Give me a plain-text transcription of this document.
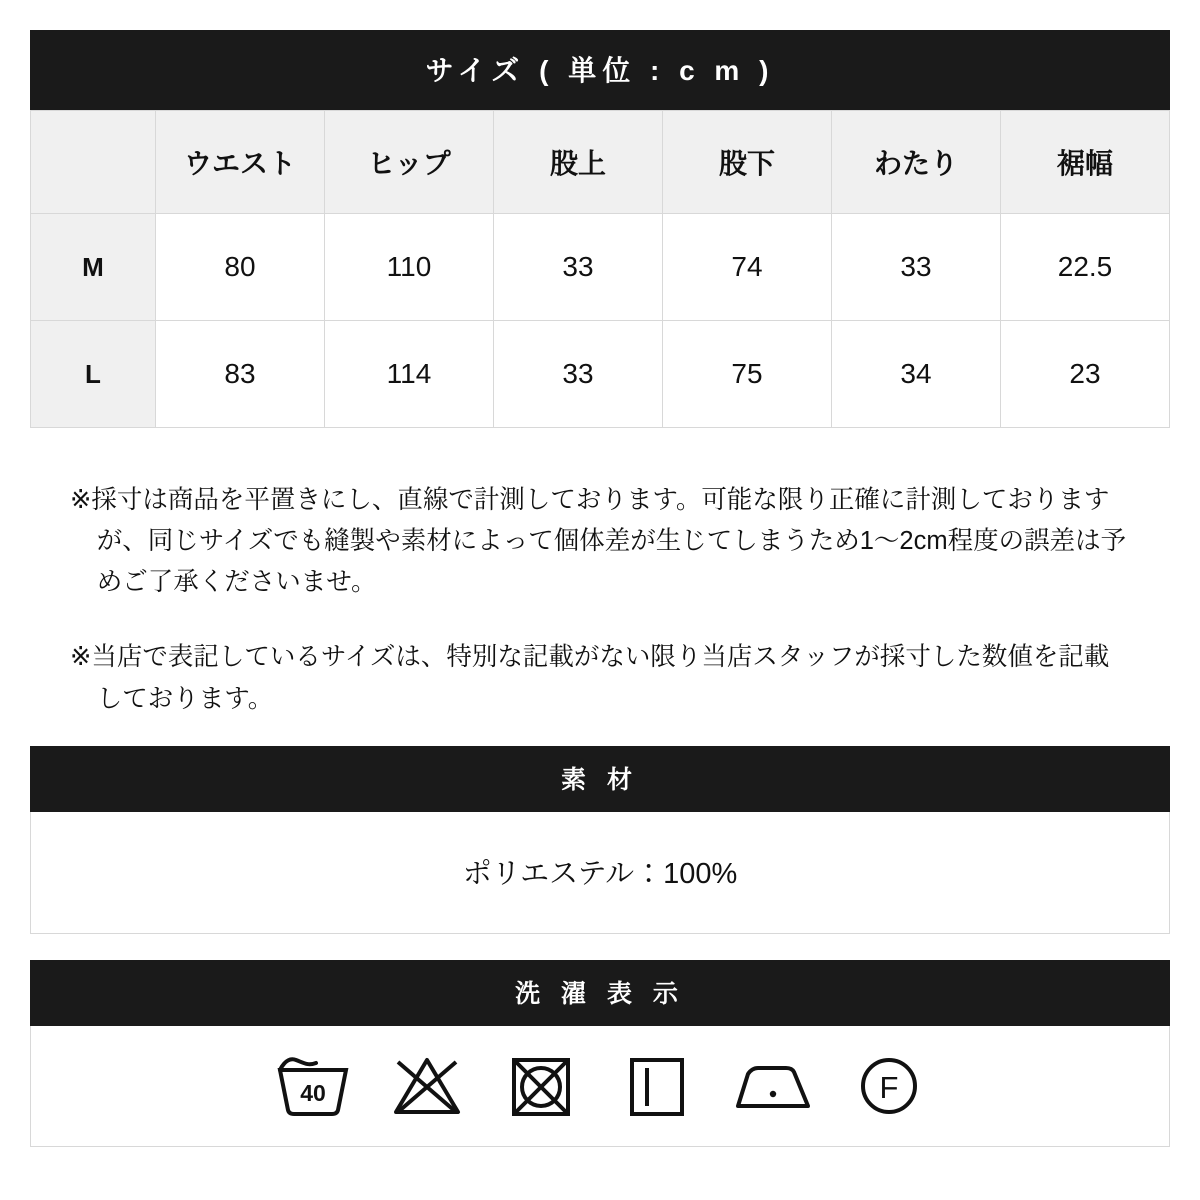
サイズ ( 単位 : c m )
	ウエスト	ヒップ	股上	股下	わたり	裾幅
M	80	110	33	74	33	22.5
L	83	114	33	75	34	23

※採寸は商品を平置きにし、直線で計測しております。可能な限り正確に計測しておりますが、同じサイズでも縫製や素材によって個体差が生じてしまうため1〜2cm程度の誤差は予めご了承くださいませ。

※当店で表記しているサイズは、特別な記載がない限り当店スタッフが採寸した数値を記載しております。

素 材
ポリエステル：100%
洗 濯 表 示
40	F
